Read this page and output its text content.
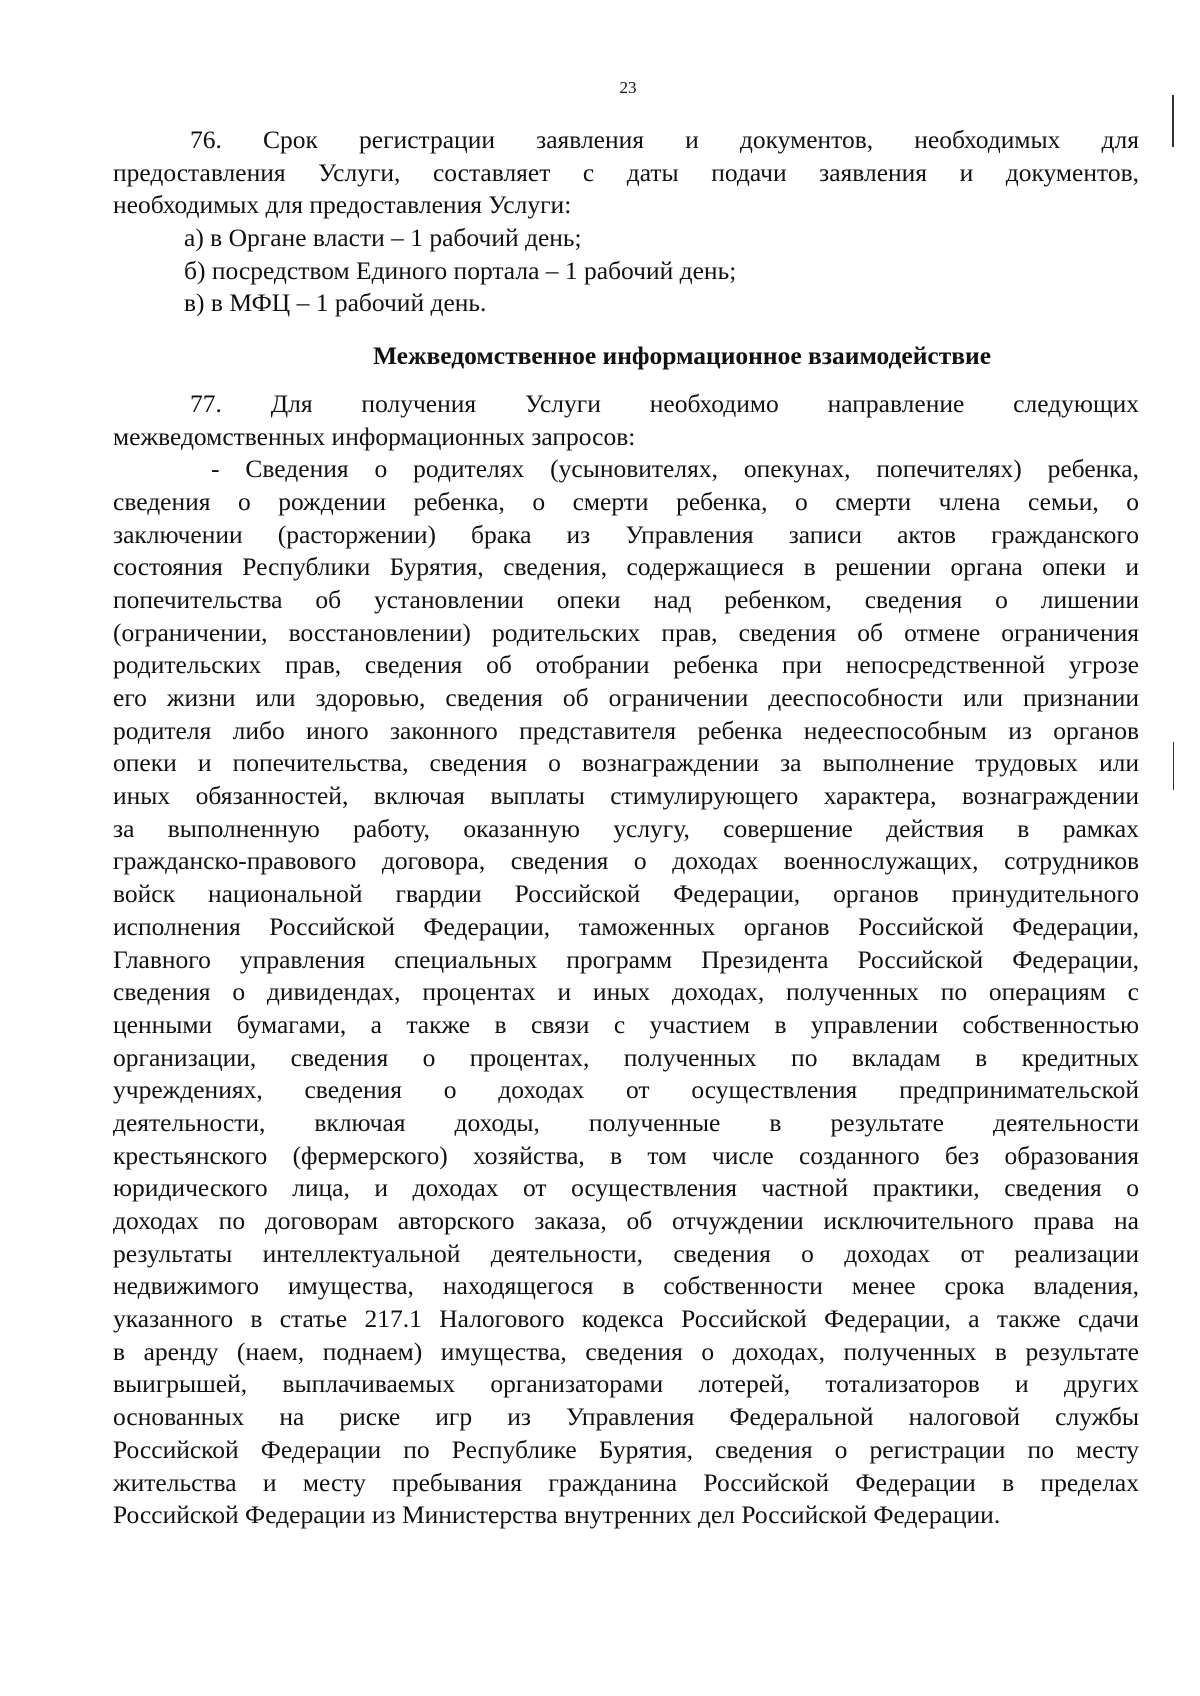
23
76. Срок регистрации заявления и документов, необходимых для
предоставления Услуги, составляет с даты подачи заявления и документов,
необходимых для предоставления Услуги:
а) в Органе власти – 1 рабочий день;
б) посредством Единого портала – 1 рабочий день;
в) в МФЦ – 1 рабочий день.
Межведомственное информационное взаимодействие
77. Для получения Услуги необходимо направление следующих
межведомственных информационных запросов:
- Сведения о родителях (усыновителях, опекунах, попечителях) ребенка,
сведения о рождении ребенка, о смерти ребенка, о смерти члена семьи, о
заключении (расторжении) брака из Управления записи актов гражданского
состояния Республики Бурятия, сведения, содержащиеся в решении органа опеки и
попечительства об установлении опеки над ребенком, сведения о лишении
(ограничении, восстановлении) родительских прав, сведения об отмене ограничения
родительских прав, сведения об отобрании ребенка при непосредственной угрозе
его жизни или здоровью, сведения об ограничении дееспособности или признании
родителя либо иного законного представителя ребенка недееспособным из органов
опеки и попечительства, сведения о вознаграждении за выполнение трудовых или
иных обязанностей, включая выплаты стимулирующего характера, вознаграждении
за выполненную работу, оказанную услугу, совершение действия в рамках
гражданско-правового договора, сведения о доходах военнослужащих, сотрудников
войск национальной гвардии Российской Федерации, органов принудительного
исполнения Российской Федерации, таможенных органов Российской Федерации,
Главного управления специальных программ Президента Российской Федерации,
сведения о дивидендах, процентах и иных доходах, полученных по операциям с
ценными бумагами, а также в связи с участием в управлении собственностью
организации, сведения о процентах, полученных по вкладам в кредитных
учреждениях, сведения о доходах от осуществления предпринимательской
деятельности, включая доходы, полученные в результате деятельности
крестьянского (фермерского) хозяйства, в том числе созданного без образования
юридического лица, и доходах от осуществления частной практики, сведения о
доходах по договорам авторского заказа, об отчуждении исключительного права на
результаты интеллектуальной деятельности, сведения о доходах от реализации
недвижимого имущества, находящегося в собственности менее срока владения,
указанного в статье 217.1 Налогового кодекса Российской Федерации, а также сдачи
в аренду (наем, поднаем) имущества, сведения о доходах, полученных в результате
выигрышей, выплачиваемых организаторами лотерей, тотализаторов и других
основанных на риске игр из Управления Федеральной налоговой службы
Российской Федерации по Республике Бурятия, сведения о регистрации по месту
жительства и месту пребывания гражданина Российской Федерации в пределах
Российской Федерации из Министерства внутренних дел Российской Федерации.
